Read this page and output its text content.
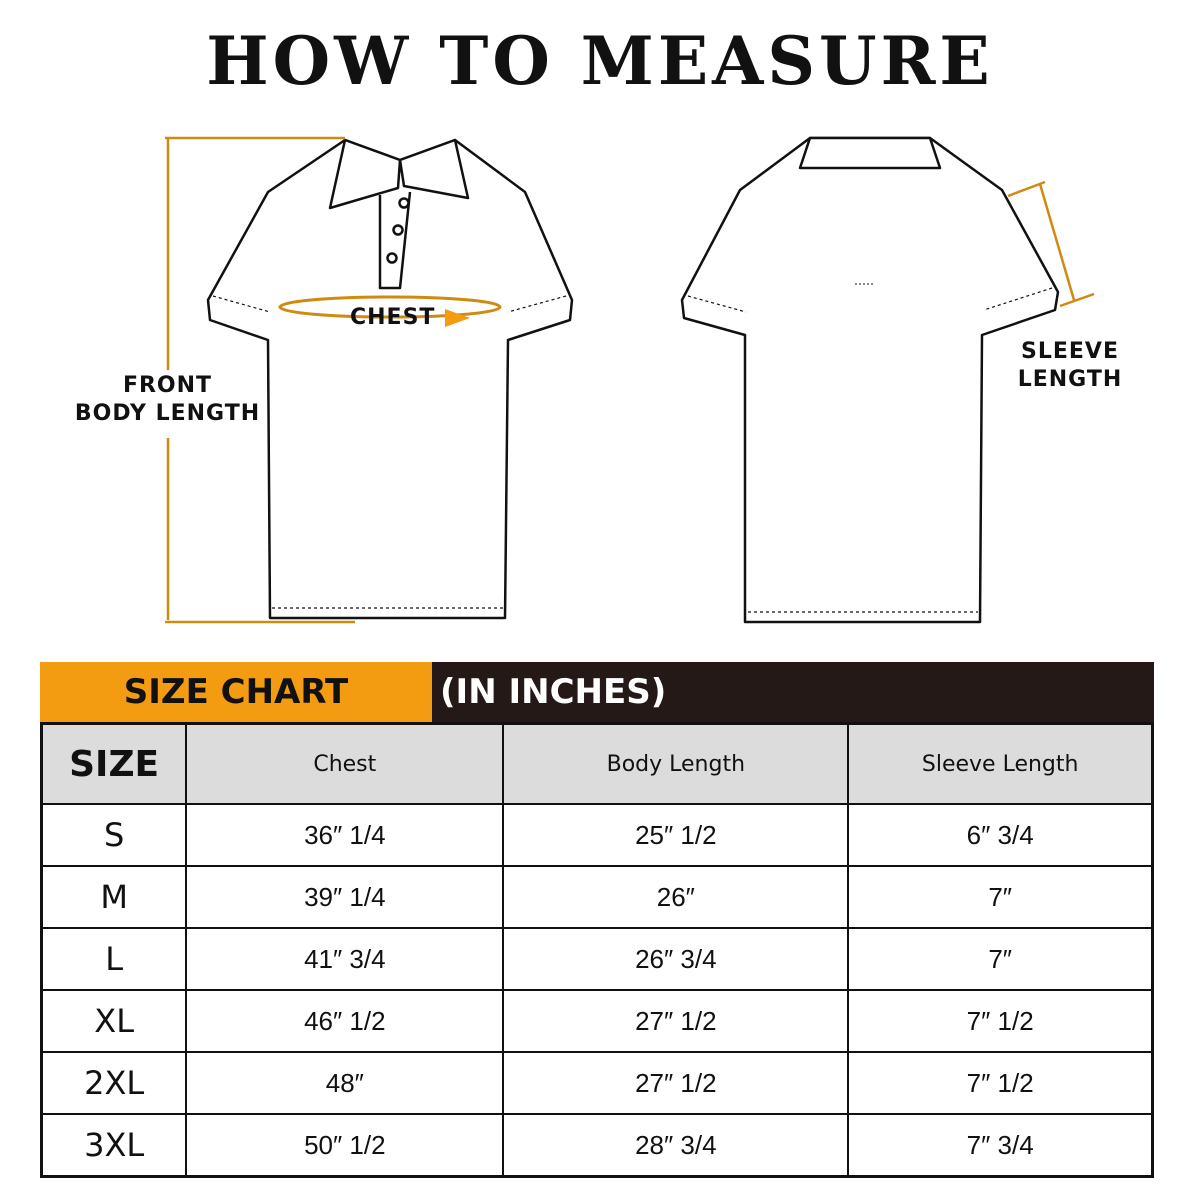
HOW TO MEASURE
CHEST
FRONT
BODY LENGTH
SLEEVE
LENGTH
SIZE CHART	(IN INCHES)
SIZE	Chest	Body Length	Sleeve Length
S	36″ 1/4	25″ 1/2	6″ 3/4
M	39″ 1/4	26″	7″
L	41″ 3/4	26″ 3/4	7″
XL	46″ 1/2	27″ 1/2	7″ 1/2
2XL	48″	27″ 1/2	7″ 1/2
3XL	50″ 1/2	28″ 3/4	7″ 3/4
